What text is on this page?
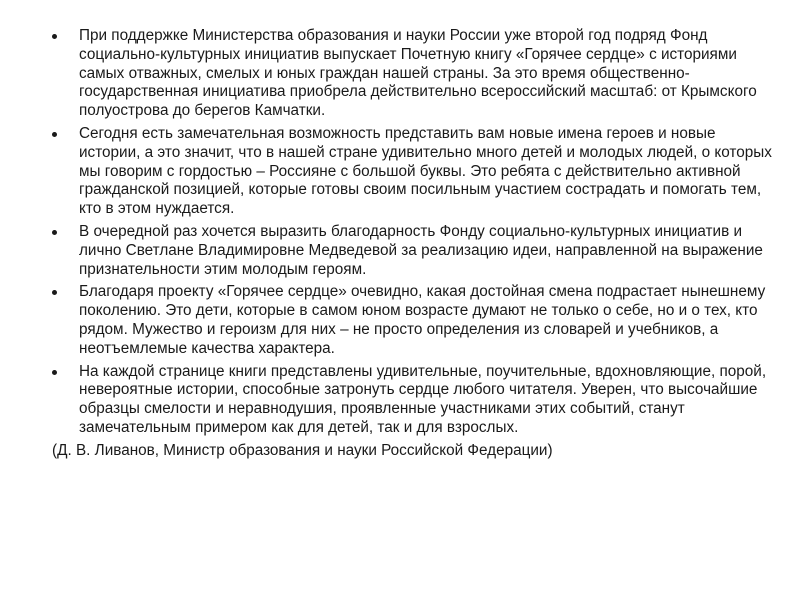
При поддержке Министерства образования и науки России уже второй год подряд Фонд социально-культурных инициатив выпускает Почетную книгу «Горячее сердце» с историями самых отважных, смелых и юных граждан нашей страны. За это время общественно-государственная инициатива приобрела действительно всероссийский масштаб: от Крымского полуострова до берегов Камчатки.
Сегодня есть замечательная возможность представить вам новые имена героев и новые истории, а это значит, что в нашей стране удивительно много детей и молодых людей, о которых мы говорим с гордостью – Россияне с большой буквы. Это ребята с действительно активной гражданской позицией, которые готовы своим посильным участием сострадать и помогать тем, кто в этом нуждается.
В очередной раз хочется выразить благодарность Фонду социально-культурных инициатив и лично Светлане Владимировне Медведевой за реализацию идеи, направленной на выражение признательности этим молодым героям.
Благодаря проекту «Горячее сердце» очевидно, какая достойная смена подрастает нынешнему поколению. Это дети, которые в самом юном возрасте думают не только о себе, но и о тех, кто рядом. Мужество и героизм для них – не просто определения из словарей и учебников, а неотъемлемые качества характера.
На каждой странице книги представлены удивительные, поучительные, вдохновляющие, порой, невероятные истории, способные затронуть сердце любого читателя. Уверен, что высочайшие образцы смелости и неравнодушия, проявленные участниками этих событий, станут замечательным примером как для детей, так и для взрослых.
(Д. В. Ливанов, Министр образования и науки Российской Федерации)
